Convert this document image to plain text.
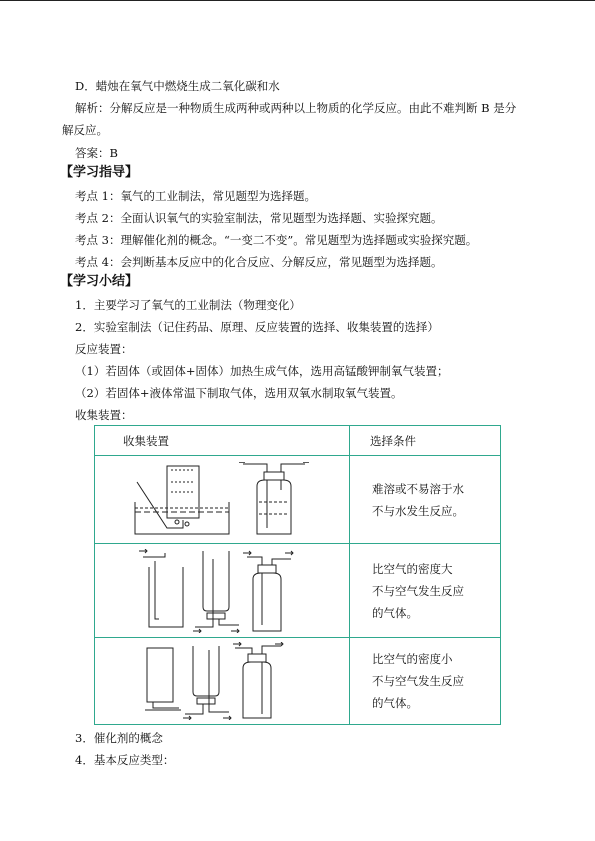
D．蜡烛在氧气中燃烧生成二氧化碳和水
解析：分解反应是一种物质生成两种或两种以上物质的化学反应。由此不难判断 B 是分
解反应。
答案：B
【学习指导】
考点 1：氧气的工业制法，常见题型为选择题。
考点 2：全面认识氧气的实验室制法，常见题型为选择题、实验探究题。
考点 3：理解催化剂的概念。“一变二不变”。常见题型为选择题或实验探究题。
考点 4：会判断基本反应中的化合反应、分解反应，常见题型为选择题。
【学习小结】
1．主要学习了氧气的工业制法（物理变化）
2．实验室制法（记住药品、原理、反应装置的选择、收集装置的选择）
反应装置：
（1）若固体（或固体+固体）加热生成气体，选用高锰酸钾制氧气装置；
（2）若固体+液体常温下制取气体，选用双氧水制取氧气装置。
收集装置：
收集装置	选择条件

难溶或不易溶于水
不与水发生反应。

比空气的密度大
不与空气发生反应
的气体。

比空气的密度小
不与空气发生反应
的气体。
3．催化剂的概念
4．基本反应类型：
